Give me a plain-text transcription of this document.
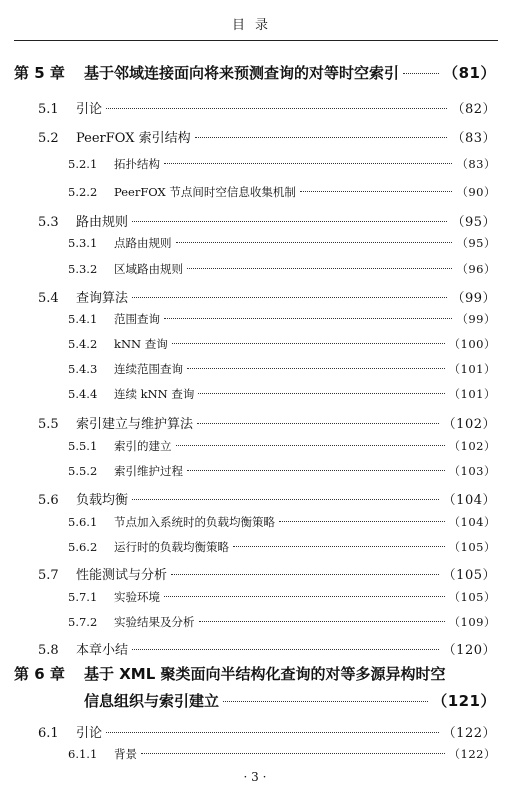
目录
第 5 章	基于邻域连接面向将来预测查询的对等时空索引	（81）
5.1	引论	（82）
5.2	PeerFOX 索引结构	（83）
5.2.1	拓扑结构	（83）
5.2.2	PeerFOX 节点间时空信息收集机制	（90）
5.3	路由规则	（95）
5.3.1	点路由规则	（95）
5.3.2	区域路由规则	（96）
5.4	查询算法	（99）
5.4.1	范围查询	（99）
5.4.2	kNN 查询	（100）
5.4.3	连续范围查询	（101）
5.4.4	连续 kNN 查询	（101）
5.5	索引建立与维护算法	（102）
5.5.1	索引的建立	（102）
5.5.2	索引维护过程	（103）
5.6	负载均衡	（104）
5.6.1	节点加入系统时的负载均衡策略	（104）
5.6.2	运行时的负载均衡策略	（105）
5.7	性能测试与分析	（105）
5.7.1	实验环境	（105）
5.7.2	实验结果及分析	（109）
5.8	本章小结	（120）
第 6 章	基于 XML 聚类面向半结构化查询的对等多源异构时空
信息组织与索引建立	（121）
6.1	引论	（122）
6.1.1	背景	（122）
· 3 ·
